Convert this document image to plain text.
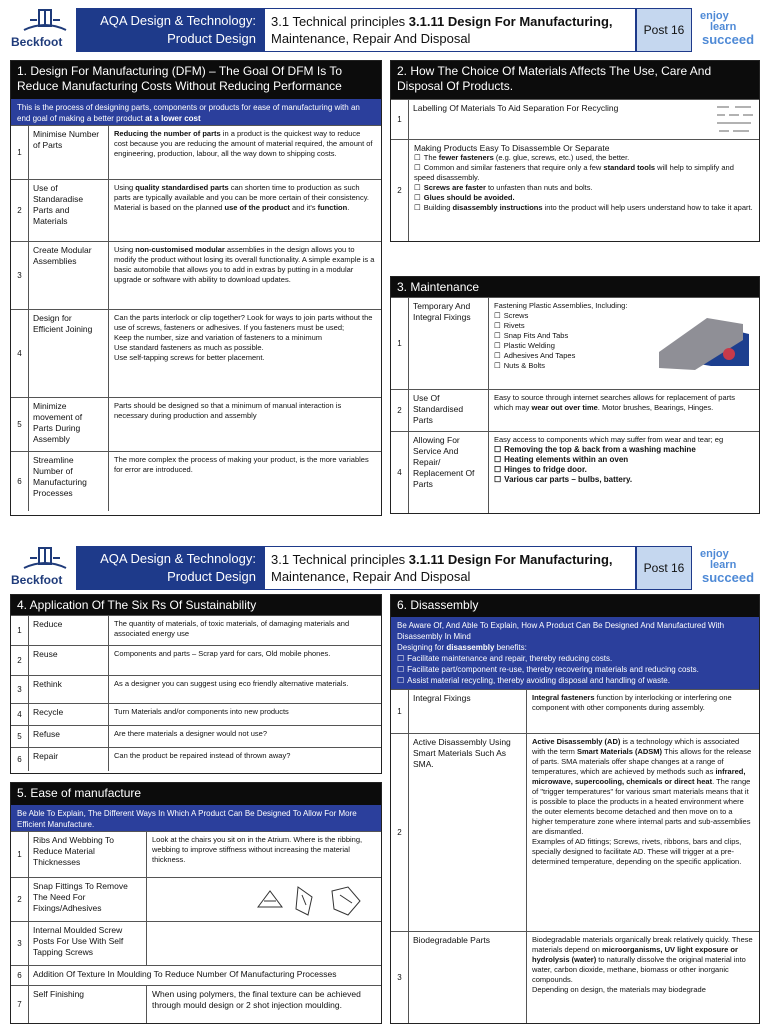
Beckfoot
AQA Design & Technology:
Product Design
3.1 Technical principles 3.1.11 Design For Manufacturing,
Maintenance, Repair And Disposal
Post 16
enjoy
learn
succeed
1. Design For Manufacturing (DFM) – The Goal Of DFM Is To Reduce Manufacturing Costs Without Reducing Performance
This is the process of designing parts, components or products for ease of manufacturing with an end goal of making a better product at a lower cost
1
Minimise Number of Parts
Reducing the number of parts in a product is the quickest way to reduce cost because you are reducing the amount of material required, the amount of engineering, production, labour, all the way down to shipping costs.
2
Use of Standaradise Parts and Materials
Using quality standardised parts can shorten time to production as such parts are typically available and you can be more certain of their consistency.
Material is based on the planned use of the product and it's function.
3
Create Modular Assemblies
Using non-customised modular assemblies in the design allows you to modify the product without losing its overall functionality. A simple example is a basic automobile that allows you to add in extras by putting in a modular upgrade or software with ability to download updates.
4
Design for Efficient Joining
Can the parts interlock or clip together? Look for ways to join parts without the use of screws, fasteners or adhesives. If you fasteners must be used;
Keep the number, size and variation of fasteners to a minimum
Use standard fasteners as much as possible.
Use self-tapping screws for better placement.
5
Minimize movement of Parts During Assembly
Parts should be designed so that a minimum of manual interaction is necessary during production and assembly
6
Streamline Number of Manufacturing Processes
The more complex the process of making your product, is the more variables for error are introduced.
2. How The Choice Of Materials Affects The Use, Care And Disposal Of Products.
1
Labelling Of Materials To Aid Separation For Recycling
2
Making Products Easy To Disassemble Or Separate
☐ The fewer fasteners (e.g. glue, screws, etc.) used, the better.
☐ Common and similar fasteners that require only a few standard tools will help to simplify and speed disassembly.
☐ Screws are faster to unfasten than nuts and bolts.
☐ Glues should be avoided.
☐ Building disassembly instructions into the product will help users understand how to take it apart.
3. Maintenance
1
Temporary And Integral Fixings
Fastening Plastic Assemblies, Including:
☐ Screws
☐ Rivets
☐ Snap Fits And Tabs
☐ Plastic Welding
☐ Adhesives And Tapes
☐ Nuts & Bolts
2
Use Of Standardised Parts
Easy to source through internet searches allows for replacement of parts which may wear out over time. Motor brushes, Bearings, Hinges.
4
Allowing For Service And Repair/ Replacement Of Parts
Easy access to components which may suffer from wear and tear; eg
☐ Removing the top & back from a washing machine
☐ Heating elements within an oven
☐ Hinges to fridge door.
☐ Various car parts – bulbs, battery.
Beckfoot
AQA Design & Technology:
Product Design
3.1 Technical principles 3.1.11 Design For Manufacturing,
Maintenance, Repair And Disposal
Post 16
enjoy
learn
succeed
4. Application Of The Six Rs Of Sustainability
1
Reduce	The quantity of materials, of toxic materials, of damaging materials and associated energy use
2
Reuse	Components and parts – Scrap yard for cars, Old mobile phones.
3
Rethink	As a designer you can suggest using eco friendly alternative materials.
4	Recycle	Turn Materials and/or components into new products
5	Refuse	Are there materials a designer would not use?
6	Repair	Can the product be repaired instead of thrown away?
5. Ease of manufacture
Be Able To Explain, The Different Ways In Which A Product Can Be Designed To Allow For More Efficient Manufacture.
1
Ribs And Webbing To Reduce Material Thicknesses
Look at the chairs you sit on in the Atrium. Where is the ribbing, webbing to improve stiffness without increasing the material thickness.
2
Snap Fittings To Remove The Need For Fixings/Adhesives
3
Internal Moulded Screw Posts For Use With Self Tapping Screws
6	Addition Of Texture In Moulding To Reduce Number Of Manufacturing Processes
7
Self Finishing	When using polymers, the final texture can be achieved through mould design or 2 shot injection moulding.
6. Disassembly
Be Aware Of, And Able To Explain, How A Product Can Be Designed And Manufactured With Disassembly In Mind
Designing for disassembly benefits:
☐ Facilitate maintenance and repair, thereby reducing costs.
☐ Facilitate part/component re-use, thereby recovering materials and reducing costs.
☐ Assist material recycling, thereby avoiding disposal and handling of waste.
1
Integral Fixings	Integral fasteners function by interlocking or interfering one component with other components during assembly.
2
Active Disassembly Using Smart Materials Such As SMA.
Active Disassembly (AD) is a technology which is associated with the term Smart Materials (ADSM) This allows for the release of parts. SMA materials offer shape changes at a range of temperatures, which are achieved by methods such as infrared, microwave, supercooling, chemicals or direct heat. The range of "trigger temperatures" for various smart materials means that it is possible to place the products in a heated environment where the outer elements become detached and then move on to a higher temperature zone where internal parts and sub-assemblies are dismantled.
Examples of AD fittings; Screws, rivets, ribbons, bars and clips, specially designed to facilitate AD. These will trigger at a pre-determined temperature, depending on the specific application.
3
Biodegradable Parts	Biodegradable materials organically break relatively quickly. These materials depend on microorganisms, UV light exposure or hydrolysis (water) to naturally dissolve the original material into water, carbon dioxide, methane, biomass or other inorganic compounds.
Depending on design, the materials may biodegrade
